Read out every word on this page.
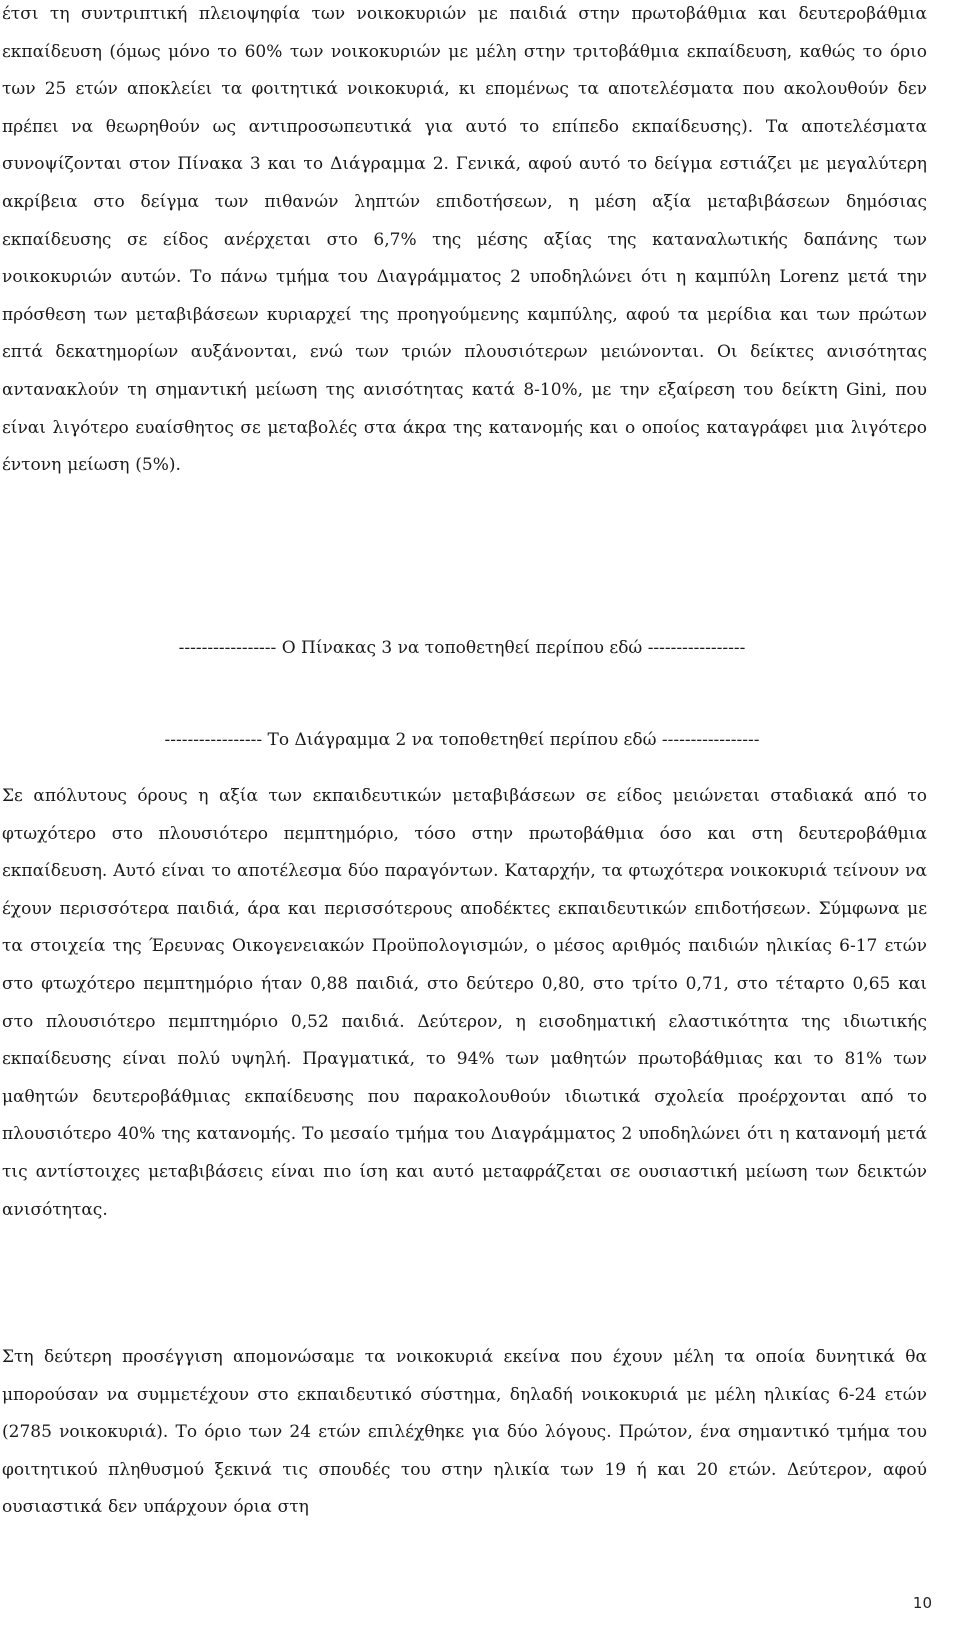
έτσι τη συντριπτική πλειοψηφία των νοικοκυριών με παιδιά στην πρωτοβάθμια και δευτεροβάθμια εκπαίδευση (όμως μόνο το 60% των νοικοκυριών με μέλη στην τριτοβάθμια εκπαίδευση, καθώς το όριο των 25 ετών αποκλείει τα φοιτητικά νοικοκυριά, κι επομένως τα αποτελέσματα που ακολουθούν δεν πρέπει να θεωρηθούν ως αντιπροσωπευτικά για αυτό το επίπεδο εκπαίδευσης). Τα αποτελέσματα συνοψίζονται στον Πίνακα 3 και το Διάγραμμα 2. Γενικά, αφού αυτό το δείγμα εστιάζει με μεγαλύτερη ακρίβεια στο δείγμα των πιθανών ληπτών επιδοτήσεων, η μέση αξία μεταβιβάσεων δημόσιας εκπαίδευσης σε είδος ανέρχεται στο 6,7% της μέσης αξίας της καταναλωτικής δαπάνης των νοικοκυριών αυτών. Το πάνω τμήμα του Διαγράμματος 2 υποδηλώνει ότι η καμπύλη Lorenz μετά την πρόσθεση των μεταβιβάσεων κυριαρχεί της προηγούμενης καμπύλης, αφού τα μερίδια και των πρώτων επτά δεκατημορίων αυξάνονται, ενώ των τριών πλουσιότερων μειώνονται. Οι δείκτες ανισότητας αντανακλούν τη σημαντική μείωση της ανισότητας κατά 8-10%, με την εξαίρεση του δείκτη Gini, που είναι λιγότερο ευαίσθητος σε μεταβολές στα άκρα της κατανομής και ο οποίος καταγράφει μια λιγότερο έντονη μείωση (5%).

----------------- Ο Πίνακας 3 να τοποθετηθεί περίπου εδώ -----------------

----------------- Το Διάγραμμα 2 να τοποθετηθεί περίπου εδώ -----------------

Σε απόλυτους όρους η αξία των εκπαιδευτικών μεταβιβάσεων σε είδος μειώνεται σταδιακά από το φτωχότερο στο πλουσιότερο πεμπτημόριο, τόσο στην πρωτοβάθμια όσο και στη δευτεροβάθμια εκπαίδευση. Αυτό είναι το αποτέλεσμα δύο παραγόντων. Καταρχήν, τα φτωχότερα νοικοκυριά τείνουν να έχουν περισσότερα παιδιά, άρα και περισσότερους αποδέκτες εκπαιδευτικών επιδοτήσεων. Σύμφωνα με τα στοιχεία της Έρευνας Οικογενειακών Προϋπολογισμών, ο μέσος αριθμός παιδιών ηλικίας 6-17 ετών στο φτωχότερο πεμπτημόριο ήταν 0,88 παιδιά, στο δεύτερο 0,80, στο τρίτο 0,71, στο τέταρτο 0,65 και στο πλουσιότερο πεμπτημόριο 0,52 παιδιά. Δεύτερον, η εισοδηματική ελαστικότητα της ιδιωτικής εκπαίδευσης είναι πολύ υψηλή. Πραγματικά, το 94% των μαθητών πρωτοβάθμιας και το 81% των μαθητών δευτεροβάθμιας εκπαίδευσης που παρακολουθούν ιδιωτικά σχολεία προέρχονται από το πλουσιότερο 40% της κατανομής. Το μεσαίο τμήμα του Διαγράμματος 2 υποδηλώνει ότι η κατανομή μετά τις αντίστοιχες μεταβιβάσεις είναι πιο ίση και αυτό μεταφράζεται σε ουσιαστική μείωση των δεικτών ανισότητας.

Στη δεύτερη προσέγγιση απομονώσαμε τα νοικοκυριά εκείνα που έχουν μέλη τα οποία δυνητικά θα μπορούσαν να συμμετέχουν στο εκπαιδευτικό σύστημα, δηλαδή νοικοκυριά με μέλη ηλικίας 6-24 ετών (2785 νοικοκυριά). Το όριο των 24 ετών επιλέχθηκε για δύο λόγους. Πρώτον, ένα σημαντικό τμήμα του φοιτητικού πληθυσμού ξεκινά τις σπουδές του στην ηλικία των 19 ή και 20 ετών. Δεύτερον, αφού ουσιαστικά δεν υπάρχουν όρια στη

10
